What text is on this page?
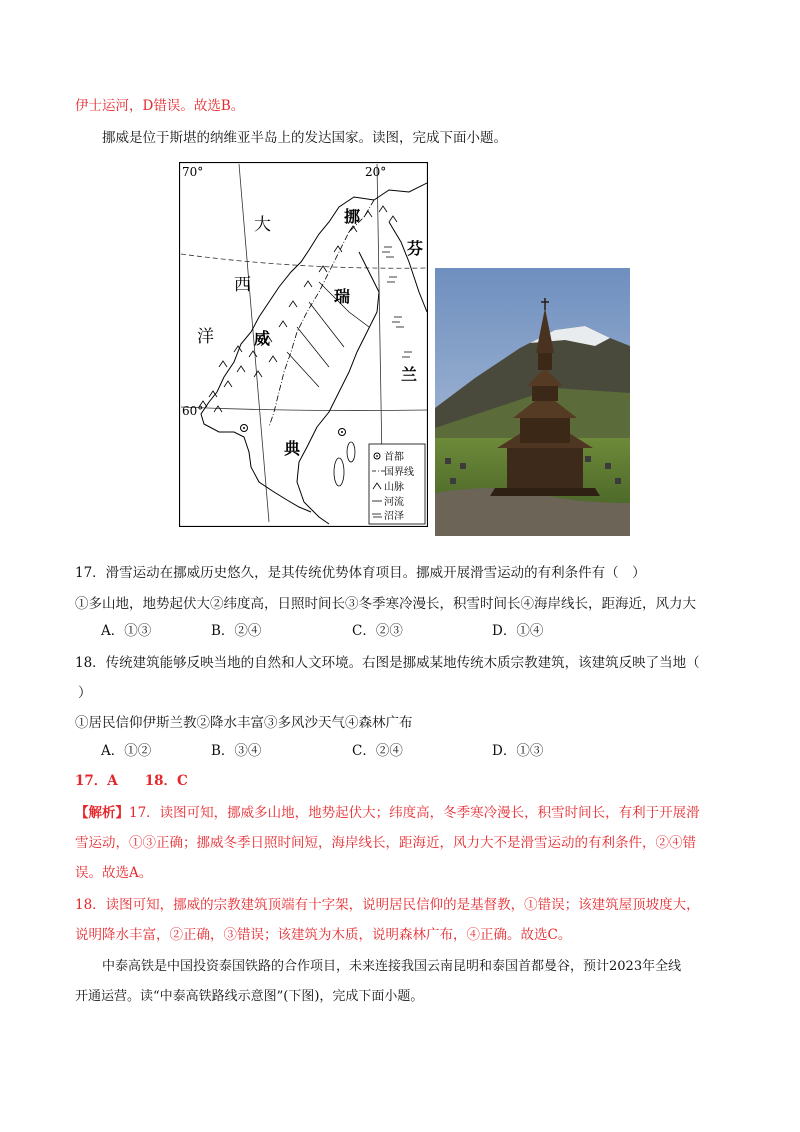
伊士运河，D错误。故选B。
挪威是位于斯堪的纳维亚半岛上的发达国家。读图，完成下面小题。
70°	20°
60°
大
西
洋
挪
威
瑞
典
芬
兰
首都
国界线
山脉
河流
沼泽
17．滑雪运动在挪威历史悠久，是其传统优势体育项目。挪威开展滑雪运动的有利条件有（　）
①多山地，地势起伏大②纬度高，日照时间长③冬季寒冷漫长，积雪时间长④海岸线长，距海近，风力大
A．①③	B．②④	C．②③	D．①④
18．传统建筑能够反映当地的自然和人文环境。右图是挪威某地传统木质宗教建筑，该建筑反映了当地（
）
①居民信仰伊斯兰教②降水丰富③多风沙天气④森林广布
A．①②	B．③④	C．②④	D．①③
17．A　　18．C
【解析】17．读图可知，挪威多山地，地势起伏大；纬度高，冬季寒冷漫长，积雪时间长，有利于开展滑
雪运动，①③正确；挪威冬季日照时间短，海岸线长，距海近，风力大不是滑雪运动的有利条件，②④错
误。故选A。
18．读图可知，挪威的宗教建筑顶端有十字架，说明居民信仰的是基督教，①错误；该建筑屋顶坡度大，
说明降水丰富，②正确，③错误；该建筑为木质，说明森林广布，④正确。故选C。
中泰高铁是中国投资泰国铁路的合作项目，未来连接我国云南昆明和泰国首都曼谷，预计2023年全线
开通运营。读“中泰高铁路线示意图”(下图)，完成下面小题。
